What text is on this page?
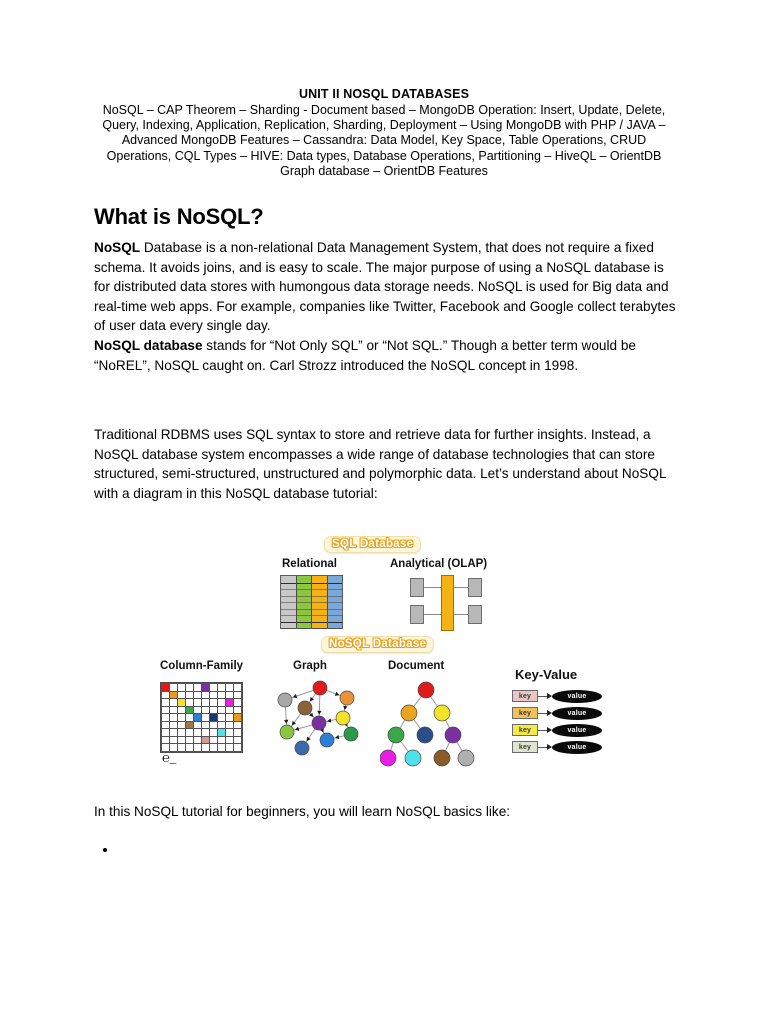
UNIT II NOSQL DATABASES
NoSQL – CAP Theorem – Sharding - Document based – MongoDB Operation: Insert, Update, Delete, Query, Indexing, Application, Replication, Sharding, Deployment – Using MongoDB with PHP / JAVA – Advanced MongoDB Features – Cassandra: Data Model, Key Space, Table Operations, CRUD Operations, CQL Types – HIVE: Data types, Database Operations, Partitioning – HiveQL – OrientDB Graph database – OrientDB Features
What is NoSQL?

NoSQL Database is a non-relational Data Management System, that does not require a fixed schema. It avoids joins, and is easy to scale. The major purpose of using a NoSQL database is for distributed data stores with humongous data storage needs. NoSQL is used for Big data and real-time web apps. For example, companies like Twitter, Facebook and Google collect terabytes of user data every single day.

NoSQL database stands for “Not Only SQL” or “Not SQL.” Though a better term would be “NoREL”, NoSQL caught on. Carl Strozz introduced the NoSQL concept in 1998.

Traditional RDBMS uses SQL syntax to store and retrieve data for further insights. Instead, a NoSQL database system encompasses a wide range of database technologies that can store structured, semi-structured, unstructured and polymorphic data. Let’s understand about NoSQL with a diagram in this NoSQL database tutorial:

SQL Database
NoSQL Database
Relational	Analytical (OLAP)
Column-Family	Graph	Document
Key-Value
℮_
key	value
key	value
key	value
key	value

In this NoSQL tutorial for beginners, you will learn NoSQL basics like:

•
